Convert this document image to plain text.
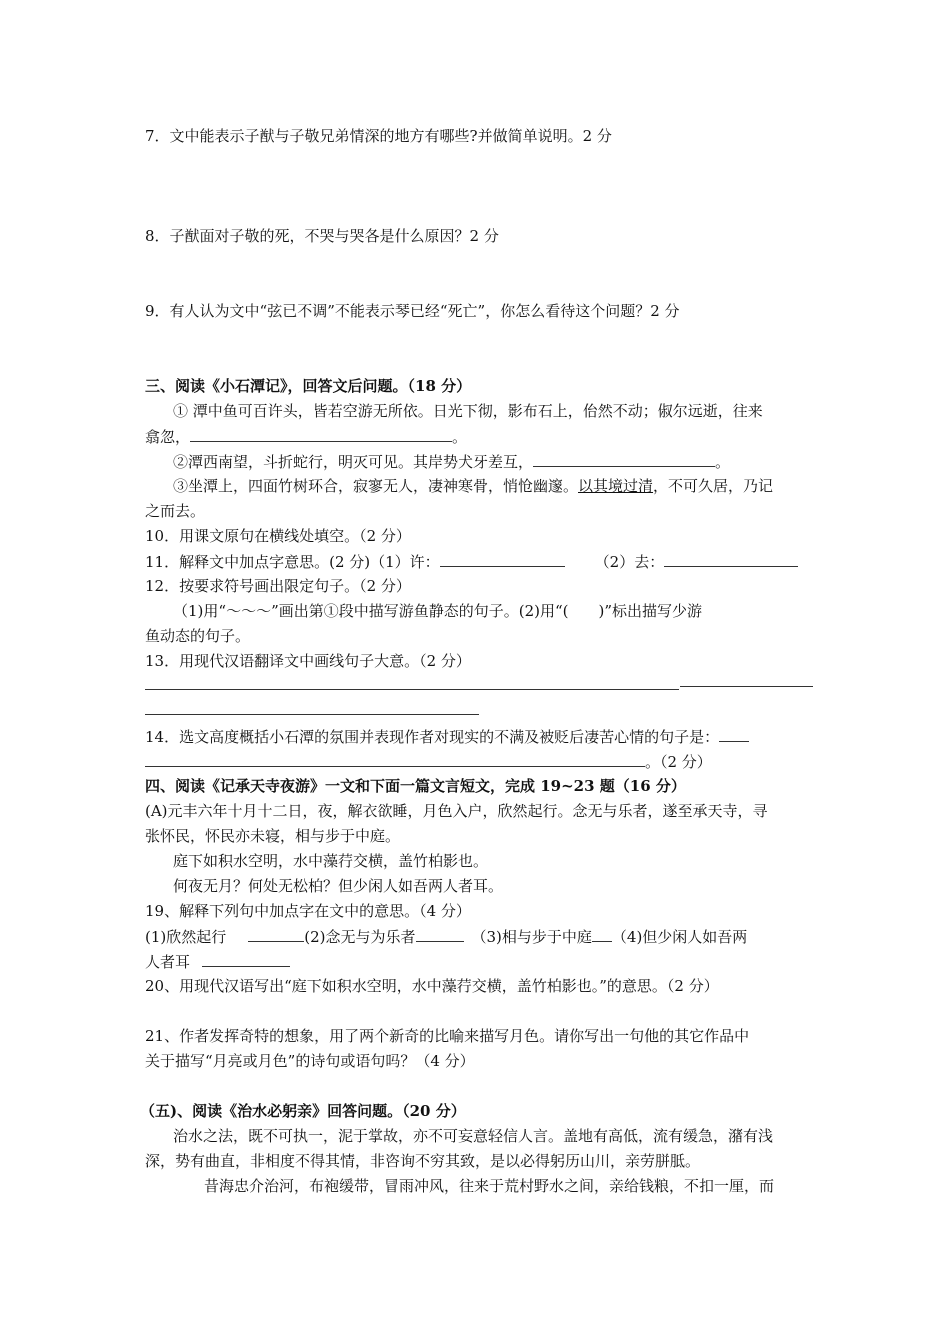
7．文中能表示子猷与子敬兄弟情深的地方有哪些?并做简单说明。2 分
8．子猷面对子敬的死，不哭与哭各是什么原因？2 分
9．有人认为文中“弦已不调”不能表示琴已经“死亡”，你怎么看待这个问题？2 分
三、阅读《小石潭记》，回答文后问题。（18 分）
① 潭中鱼可百许头，皆若空游无所依。日光下彻，影布石上，佁然不动；俶尔远逝，往来
翕忽，	。
②潭西南望，斗折蛇行，明灭可见。其岸势犬牙差互，	。
③坐潭上，四面竹树环合，寂寥无人，凄神寒骨，悄怆幽邃。以其境过清，不可久居，乃记
之而去。
10．用课文原句在横线处填空。（2 分）
11．解释文中加点字意思。(2 分)（1）许：	（2）去：
12．按要求符号画出限定句子。（2 分）
（1)用“～～～”画出第①段中描写游鱼静态的句子。(2)用“(　　)”标出描写少游
鱼动态的句子。
13．用现代汉语翻译文中画线句子大意。（2 分）
14．选文高度概括小石潭的氛围并表现作者对现实的不满及被贬后凄苦心情的句子是：
。（2 分）
四、阅读《记承天寺夜游》一文和下面一篇文言短文，完成 19~23 题（16 分）
(A)元丰六年十月十二日，夜，解衣欲睡，月色入户，欣然起行。念无与乐者，遂至承天寺，寻
张怀民，怀民亦未寝，相与步于中庭。
庭下如积水空明，水中藻荇交横，盖竹柏影也。
何夜无月？何处无松柏？但少闲人如吾两人者耳。
19、解释下列句中加点字在文中的意思。（4 分）
(1)欣然起行	(2)念无与为乐者	（3)相与步于中庭 （4)但少闲人如吾两
人者耳
20、用现代汉语写出“庭下如积水空明，水中藻荇交横，盖竹柏影也。”的意思。（2 分）
21、作者发挥奇特的想象，用了两个新奇的比喻来描写月色。请你写出一句他的其它作品中
关于描写“月亮或月色”的诗句或语句吗？（4 分）
（五)、阅读《治水必躬亲》回答问题。（20 分）
治水之法，既不可执一，泥于掌故，亦不可妄意轻信人言。盖地有高低，流有缓急，潴有浅
深，势有曲直，非相度不得其情，非咨询不穷其致，是以必得躬历山川，亲劳胼胝。
昔海忠介治河，布袍缓带，冒雨冲风，往来于荒村野水之间，亲给钱粮，不扣一厘，而
